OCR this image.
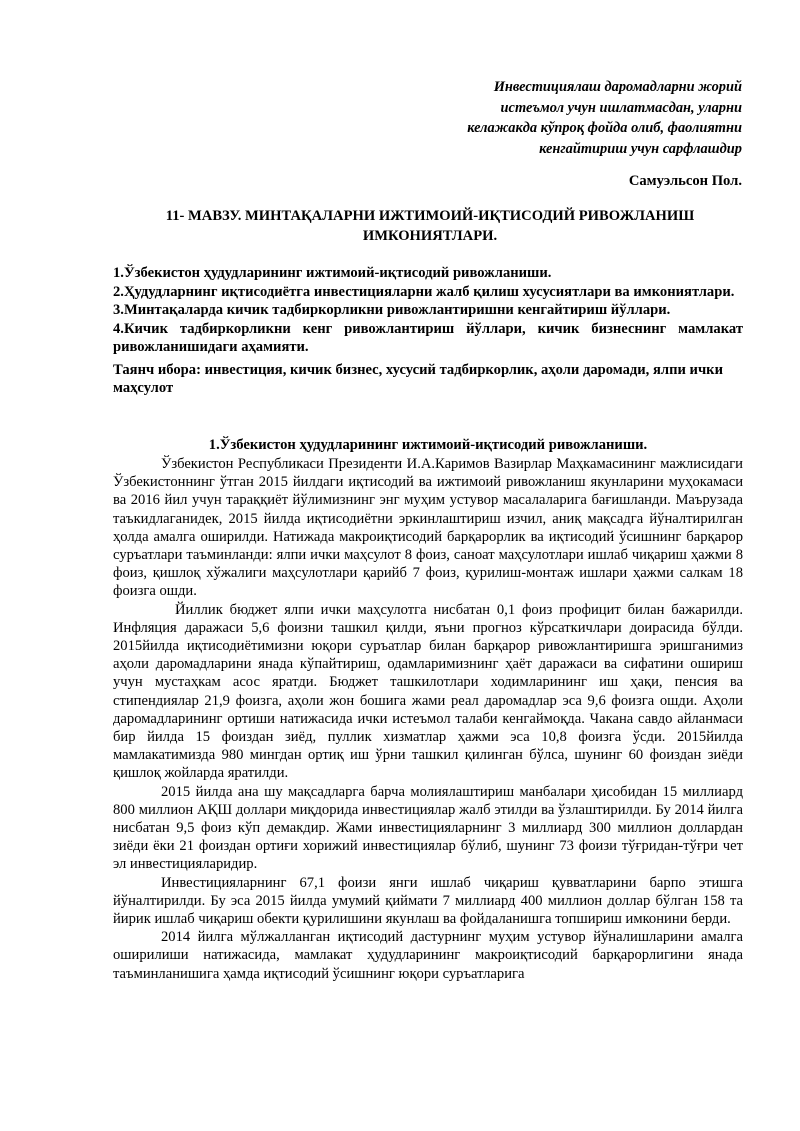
Инвестициялаш даромадларни жорий
истеъмол учун ишлатмасдан, уларни
келажакда кўпроқ фойда олиб, фаолиятни
кенгайтириш учун сарфлашдир
Самуэльсон Пол.
11- МАВЗУ. МИНТАҚАЛАРНИ ИЖТИМОИЙ-ИҚТИСОДИЙ РИВОЖЛАНИШ ИМКОНИЯТЛАРИ.
1.Ўзбекистон ҳудудларининг ижтимоий-иқтисодий ривожланиши.
2.Ҳудудларнинг иқтисодиётга инвестицияларни жалб қилиш хусусиятлари ва имкониятлари.
3.Минтақаларда кичик тадбиркорликни ривожлантиришни кенгайтириш йўллари.
4.Кичик тадбиркорликни кенг ривожлантириш йўллари, кичик бизнеснинг мамлакат ривожланишидаги аҳамияти.
Таянч ибора: инвестиция, кичик бизнес, хусусий тадбиркорлик, аҳоли даромади, ялпи ички маҳсулот
1.Ўзбекистон ҳудудларининг ижтимоий-иқтисодий ривожланиши.

Ўзбекистон Республикаси Президенти И.А.Каримов Вазирлар Маҳкамасининг мажлисидаги Ўзбекистоннинг ўтган 2015 йилдаги иқтисодий ва ижтимоий ривожланиш якунларини муҳокамаси ва 2016 йил учун тараққиёт йўлимизнинг энг муҳим устувор масалаларига бағишланди. Маърузада таъкидлаганидек, 2015 йилда иқтисодиётни эркинлаштириш изчил, аниқ мақсадга йўналтирилган ҳолда амалга оширилди. Натижада макроиқтисодий барқарорлик ва иқтисодий ўсишнинг барқарор суръатлари таъминланди: ялпи ички маҳсулот 8 фоиз, саноат маҳсулотлари ишлаб чиқариш ҳажми 8 фоиз, қишлоқ хўжалиги маҳсулотлари қарийб 7 фоиз, қурилиш-монтаж ишлари ҳажми салкам 18 фоизга ошди.

Йиллик бюджет ялпи ички маҳсулотга нисбатан 0,1 фоиз профицит билан бажарилди. Инфляция даражаси 5,6 фоизни ташкил қилди, яъни прогноз кўрсаткичлари доирасида бўлди. 2015йилда иқтисодиётимизни юқори суръатлар билан барқарор ривожлантиришга эришганимиз аҳоли даромадларини янада кўпайтириш, одамларимизнинг ҳаёт даражаси ва сифатини ошириш учун мустаҳкам асос яратди. Бюджет ташкилотлари ходимларининг иш ҳақи, пенсия ва стипендиялар 21,9 фоизга, аҳоли жон бошига жами реал даромадлар эса 9,6 фоизга ошди. Аҳоли даромадларининг ортиши натижасида ички истеъмол талаби кенгаймоқда. Чакана савдо айланмаси бир йилда 15 фоиздан зиёд, пуллик хизматлар ҳажми эса 10,8 фоизга ўсди. 2015йилда мамлакатимизда 980 мингдан ортиқ иш ўрни ташкил қилинган бўлса, шунинг 60 фоиздан зиёди қишлоқ жойларда яратилди.

2015 йилда ана шу мақсадларга барча молиялаштириш манбалари ҳисобидан 15 миллиард 800 миллион АҚШ доллари миқдорида инвестициялар жалб этилди ва ўзлаштирилди. Бу 2014 йилга нисбатан 9,5 фоиз кўп демакдир. Жами инвестицияларнинг 3 миллиард 300 миллион доллардан зиёди ёки 21 фоиздан ортиғи хорижий инвестициялар бўлиб, шунинг 73 фоизи тўғридан-тўғри чет эл инвестицияларидир.

Инвестицияларнинг 67,1 фоизи янги ишлаб чиқариш қувватларини барпо этишга йўналтирилди. Бу эса 2015 йилда умумий қиймати 7 миллиард 400 миллион доллар бўлган 158 та йирик ишлаб чиқариш обекти қурилишини якунлаш ва фойдаланишга топшириш имконини берди.

2014 йилга мўлжалланган иқтисодий дастурнинг муҳим устувор йўналишларини амалга оширилиши натижасида, мамлакат ҳудудларининг макроиқтисодий барқарорлигини янада таъминланишига ҳамда иқтисодий ўсишнинг юқори суръатларига
